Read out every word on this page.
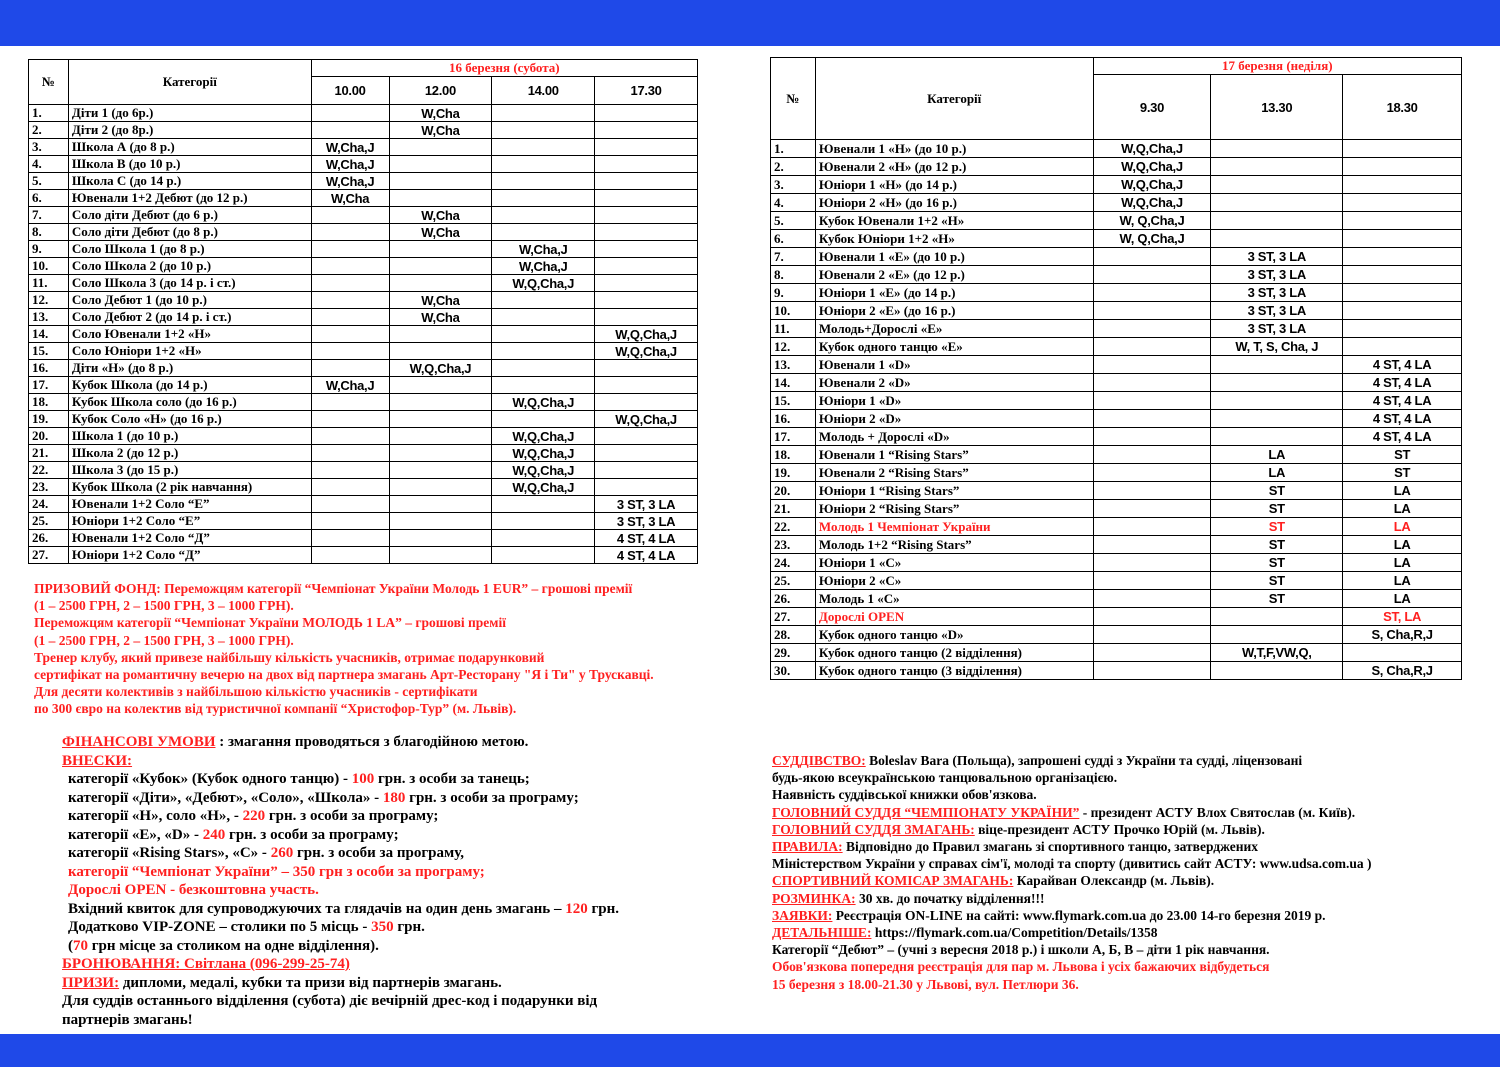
№	Категорії	16 березня (субота)			
		10.00	12.00	14.00	17.30
1.	Діти 1 (до 6р.)		W,Cha		
2.	Діти 2 (до 8р.)		W,Cha		
3.	Школа А (до 8 р.)	W,Cha,J			
4.	Школа В (до 10 р.)	W,Cha,J			
5.	Школа С (до 14 р.)	W,Cha,J			
6.	Ювенали 1+2 Дебют (до 12 р.)	W,Cha			
7.	Соло діти Дебют (до 6 р.)		W,Cha		
8.	Соло діти Дебют (до 8 р.)		W,Cha		
9.	Соло Школа 1 (до 8 р.)			W,Cha,J	
10.	Соло Школа 2 (до 10 р.)			W,Cha,J	
11.	Соло Школа 3 (до 14 р. і ст.)			W,Q,Cha,J	
12.	Соло Дебют 1 (до 10 р.)		W,Cha		
13.	Соло Дебют 2 (до 14 р. і ст.)		W,Cha		
14.	Соло Ювенали 1+2 «Н»				W,Q,Cha,J
15.	Соло Юніори 1+2 «Н»				W,Q,Cha,J
16.	Діти «Н» (до 8 р.)		W,Q,Cha,J		
17.	Кубок Школа (до 14 р.)	W,Cha,J			
18.	Кубок Школа соло (до 16 р.)			W,Q,Cha,J	
19.	Кубок Соло «Н» (до 16 р.)				W,Q,Cha,J
20.	Школа 1 (до 10 р.)			W,Q,Cha,J	
21.	Школа 2 (до 12 р.)			W,Q,Cha,J	
22.	Школа 3 (до 15 р.)			W,Q,Cha,J	
23.	Кубок Школа (2 рік навчання)			W,Q,Cha,J	
24.	Ювенали 1+2 Соло “Е”				3 ST, 3 LA
25.	Юніори 1+2 Соло “Е”				3 ST, 3 LA
26.	Ювенали 1+2 Соло “Д”				4 ST, 4 LA
27.	Юніори 1+2 Соло “Д”				4 ST, 4 LA
№	Категорії	17 березня (неділя)		
		9.30	13.30	18.30
1.	Ювенали 1 «Н» (до 10 р.)	W,Q,Cha,J		
2.	Ювенали 2 «Н» (до 12 р.)	W,Q,Cha,J		
3.	Юніори 1 «Н» (до 14 р.)	W,Q,Cha,J		
4.	Юніори 2 «Н» (до 16 р.)	W,Q,Cha,J		
5.	Кубок Ювенали 1+2 «Н»	W, Q,Cha,J		
6.	Кубок Юніори 1+2 «Н»	W, Q,Cha,J		
7.	Ювенали 1 «Е» (до 10 р.)		3 ST, 3 LA	
8.	Ювенали 2 «Е» (до 12 р.)		3 ST, 3 LA	
9.	Юніори 1 «Е» (до 14 р.)		3 ST, 3 LA	
10.	Юніори 2 «Е» (до 16 р.)		3 ST, 3 LA	
11.	Молодь+Дорослі «Е»		3 ST, 3 LA	
12.	Кубок одного танцю «Е»		W, T, S, Cha, J	
13.	Ювенали 1 «D»			4 ST, 4 LA
14.	Ювенали 2 «D»			4 ST, 4 LA
15.	Юніори 1 «D»			4 ST, 4 LA
16.	Юніори 2 «D»			4 ST, 4 LA
17.	Молодь + Дорослі «D»			4 ST, 4 LA
18.	Ювенали 1 “Rising Stars”		LA	ST
19.	Ювенали 2 “Rising Stars”		LA	ST
20.	Юніори 1 “Rising Stars”		ST	LA
21.	Юніори 2 “Rising Stars”		ST	LA
22.	Молодь 1 Чемпіонат України		ST	LA
23.	Молодь 1+2 “Rising Stars”		ST	LA
24.	Юніори 1 «С»		ST	LA
25.	Юніори 2 «С»		ST	LA
26.	Молодь 1 «С»		ST	LA
27.	Дорослі OPEN			ST, LA
28.	Кубок одного танцю «D»			S, Cha,R,J
29.	Кубок одного танцю (2 відділення)		W,T,F,VW,Q,	
30.	Кубок одного танцю (3 відділення)			S, Cha,R,J

ПРИЗОВИЙ ФОНД: Переможцям категорії “Чемпіонат України Молодь 1 EUR” – грошові премії

(1 – 2500 ГРН, 2 – 1500 ГРН, 3 – 1000 ГРН).

Переможцям категорії “Чемпіонат України МОЛОДЬ 1 LA” – грошові премії

(1 – 2500 ГРН, 2 – 1500 ГРН, 3 – 1000 ГРН).

Тренер клубу, який привезе найбільшу кількість учасників, отримає подарунковий

сертифікат на романтичну вечерю на двох від партнера змагань Арт-Ресторану "Я і Ти" у Трускавці.

Для десяти колективів з найбільшою кількістю учасників - сертифікати

по 300 євро на колектив від туристичної компанії “Христофор-Тур” (м. Львів).

ФІНАНСОВІ УМОВИ : змагання проводяться з благодійною метою.

ВНЕСКИ:

категорії «Кубок» (Кубок одного танцю) - 100 грн. з особи за танець;

категорії «Діти», «Дебют», «Соло», «Школа» - 180 грн. з особи за програму;

категорії «Н», соло «Н», - 220 грн. з особи за програму;

категорії «Е», «D» - 240 грн. з особи за програму;

категорії «Rising Stars», «С» - 260 грн. з особи за програму,

категорії “Чемпіонат України” – 350 грн з особи за програму;

Дорослі OPEN - безкоштовна участь.

Вхідний квиток для супроводжуючих та глядачів на один день змагань – 120 грн.

Додатково VIP-ZONE – столики по 5 місць - 350 грн.

(70 грн місце за столиком на одне відділення).

БРОНЮВАННЯ: Світлана (096-299-25-74)

ПРИЗИ: дипломи, медалі, кубки та призи від партнерів змагань.

Для суддів останнього відділення (субота) діє вечірній дрес-код і подарунки від

партнерів змагань!

СУДДІВСТВО: Boleslav Bara (Польща), запрошені судді з України та судді, ліцензовані

будь-якою всеукраїнською танцювальною організацією.

Наявність суддівської книжки обов'язкова.

ГОЛОВНИЙ СУДДЯ “ЧЕМПІОНАТУ УКРАЇНИ” - президент АСТУ Влох Святослав (м. Київ).

ГОЛОВНИЙ СУДДЯ ЗМАГАНЬ: віце-президент АСТУ Прочко Юрій (м. Львів).

ПРАВИЛА: Відповідно до Правил змагань зі спортивного танцю, затверджених

Міністерством України у справах сім'ї, молоді та спорту (дивитись сайт АСТУ: www.udsa.com.ua )

СПОРТИВНИЙ КОМІСАР ЗМАГАНЬ: Карайван Олександр (м. Львів).

РОЗМИНКА: 30 хв. до початку відділення!!!

ЗАЯВКИ: Реєстрація ON-LINE на сайті: www.flymark.com.ua до 23.00 14-го березня 2019 р.

ДЕТАЛЬНІШЕ: https://flymark.com.ua/Competition/Details/1358

Категорії “Дебют” – (учні з вересня 2018 р.) і школи А, Б, В – діти 1 рік навчання.

Обов'язкова попередня реєстрація для пар м. Львова і усіх бажаючих відбудеться

15 березня з 18.00-21.30 у Львові, вул. Петлюри 36.
